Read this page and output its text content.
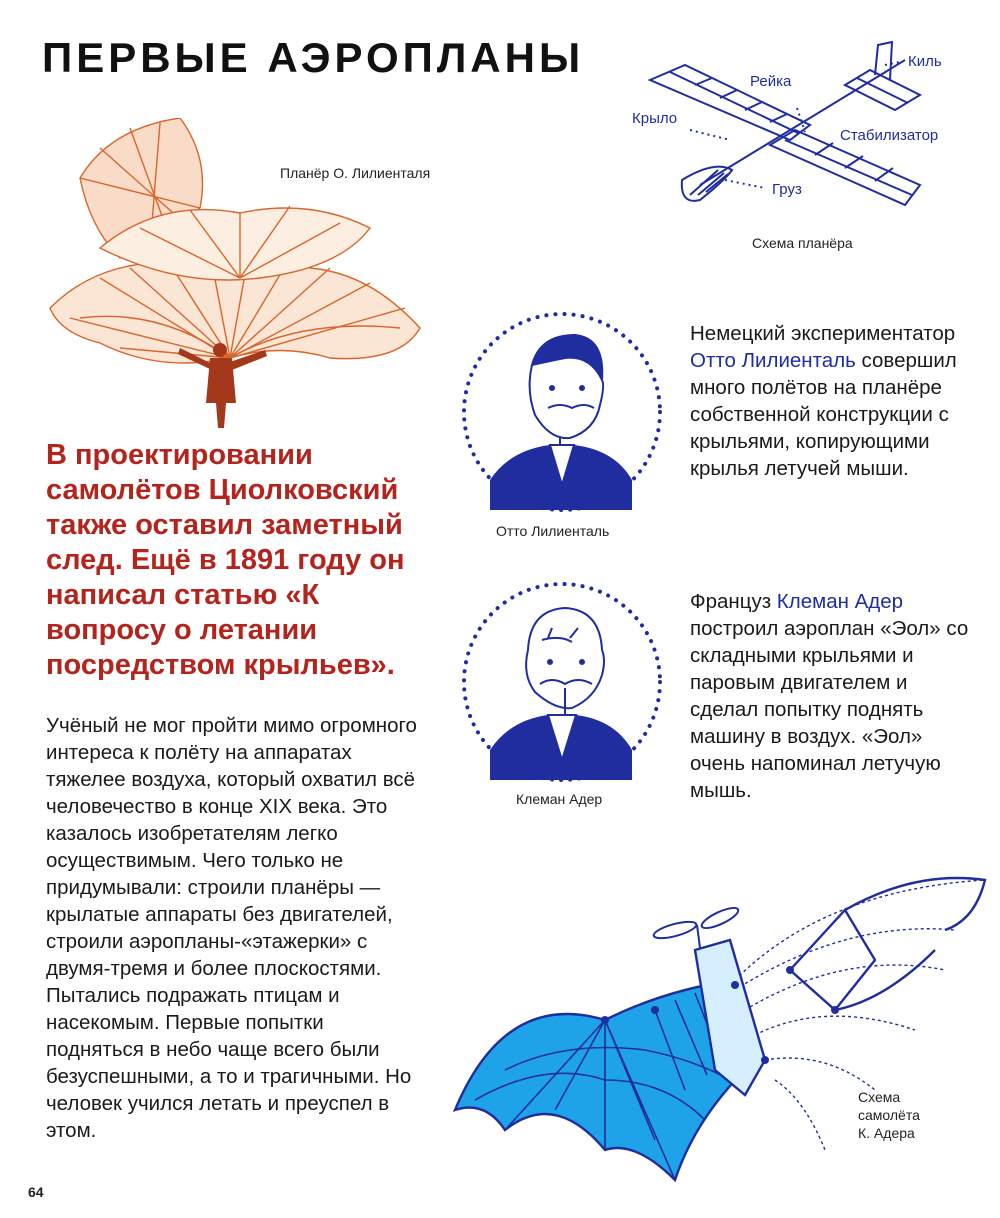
ПЕРВЫЕ АЭРОПЛАНЫ
Планёр О. Лилиенталя
Киль
Рейка
Крыло
Стабилизатор
Груз
Схема планёра

В проектировании самолётов Циолковский также оставил заметный след. Ещё в 1891 году он написал статью «К вопросу о летании посредством крыльев».

Учёный не мог пройти мимо огромного интереса к полёту на аппаратах тяжелее воздуха, который охватил всё человечество в конце XIX века. Это казалось изобретателям легко осуществимым. Чего только не придумывали: строили планёры — крылатые аппараты без двигателей, строили аэропланы-«этажерки» с двумя-тремя и более плоскостями. Пытались подражать птицам и насекомым. Первые попытки подняться в небо чаще всего были безуспешными, а то и трагичными. Но человек учился летать и преуспел в этом.

Отто Лилиенталь

Немецкий экспериментатор Отто Лилиенталь совершил много полётов на планёре собственной конструкции с крыльями, копирующими крылья летучей мыши.

Клеман Адер

Француз Клеман Адер построил аэроплан «Эол» со складными крыльями и паровым двигателем и сделал попытку поднять машину в воздух. «Эол» очень напоминал летучую мышь.

Схема
самолёта
К. Адера
64
